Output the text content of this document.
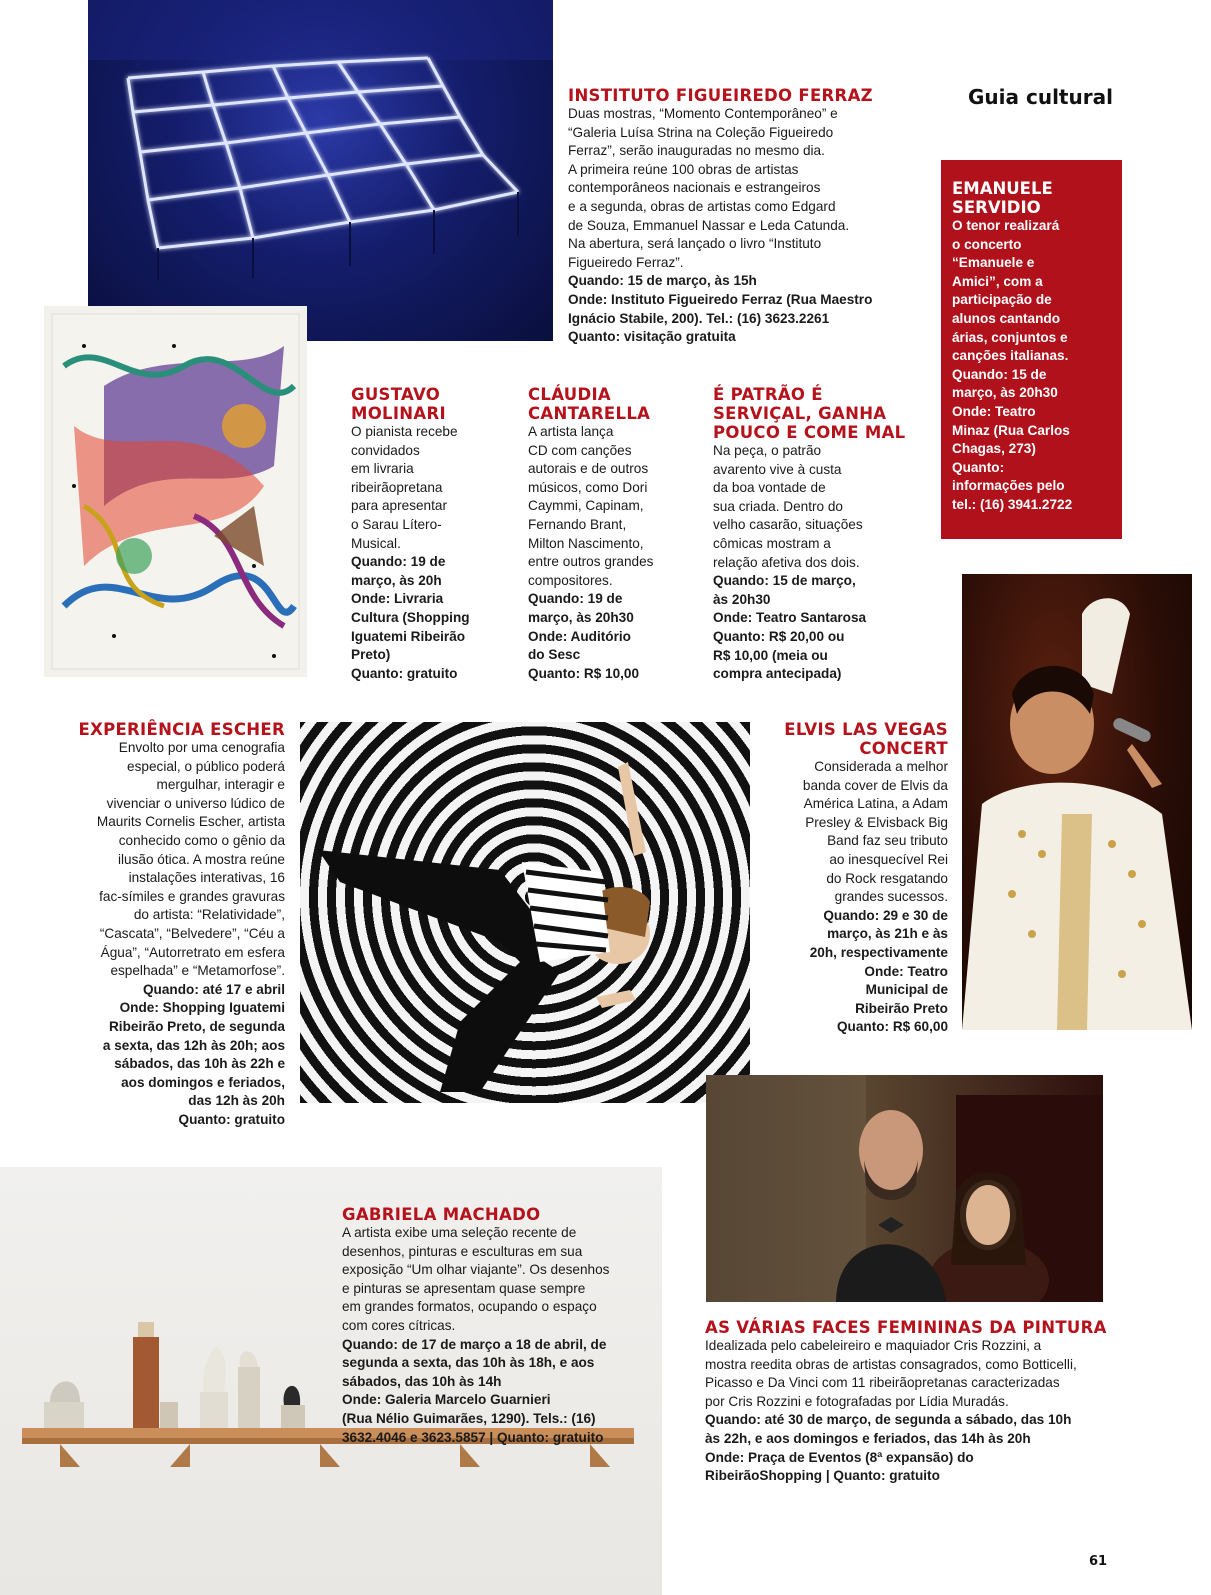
Guia cultural
INSTITUTO FIGUEIREDO FERRAZ

Duas mostras, “Momento Contemporâneo” e

“Galeria Luísa Strina na Coleção Figueiredo

Ferraz”, serão inauguradas no mesmo dia.

A primeira reúne 100 obras de artistas

contemporâneos nacionais e estrangeiros

e a segunda, obras de artistas como Edgard

de Souza, Emmanuel Nassar e Leda Catunda.

Na abertura, será lançado o livro “Instituto

Figueiredo Ferraz”.

Quando: 15 de março, às 15h

Onde: Instituto Figueiredo Ferraz (Rua Maestro

Ignácio Stabile, 200). Tel.: (16) 3623.2261

Quanto: visitação gratuita

EMANUELE
SERVIDIO

O tenor realizará

o concerto

“Emanuele e

Amici”, com a

participação de

alunos cantando

árias, conjuntos e

canções italianas.

Quando: 15 de

março, às 20h30

Onde: Teatro

Minaz (Rua Carlos

Chagas, 273)

Quanto:

informações pelo

tel.: (16) 3941.2722

GUSTAVO
MOLINARI

O pianista recebe

convidados

em livraria

ribeirãopretana

para apresentar

o Sarau Lítero-

Musical.

Quando: 19 de

março, às 20h

Onde: Livraria

Cultura (Shopping

Iguatemi Ribeirão

Preto)

Quanto: gratuito

CLÁUDIA
CANTARELLA

A artista lança

CD com canções

autorais e de outros

músicos, como Dori

Caymmi, Capinam,

Fernando Brant,

Milton Nascimento,

entre outros grandes

compositores.

Quando: 19 de

março, às 20h30

Onde: Auditório

do Sesc

Quanto: R$ 10,00

É PATRÃO É
SERVIÇAL, GANHA
POUCO E COME MAL

Na peça, o patrão

avarento vive à custa

da boa vontade de

sua criada. Dentro do

velho casarão, situações

cômicas mostram a

relação afetiva dos dois.

Quando: 15 de março,

às 20h30

Onde: Teatro Santarosa

Quanto: R$ 20,00 ou

R$ 10,00 (meia ou

compra antecipada)

EXPERIÊNCIA ESCHER

Envolto por uma cenografia

especial, o público poderá

mergulhar, interagir e

vivenciar o universo lúdico de

Maurits Cornelis Escher, artista

conhecido como o gênio da

ilusão ótica. A mostra reúne

instalações interativas, 16

fac-símiles e grandes gravuras

do artista: “Relatividade”,

“Cascata”, “Belvedere”, “Céu a

Água”, “Autorretrato em esfera

espelhada” e “Metamorfose”.

Quando: até 17 e abril

Onde: Shopping Iguatemi

Ribeirão Preto, de segunda

a sexta, das 12h às 20h; aos

sábados, das 10h às 22h e

aos domingos e feriados,

das 12h às 20h

Quanto: gratuito

ELVIS LAS VEGAS
CONCERT

Considerada a melhor

banda cover de Elvis da

América Latina, a Adam

Presley & Elvisback Big

Band faz seu tributo

ao inesquecível Rei

do Rock resgatando

grandes sucessos.

Quando: 29 e 30 de

março, às 21h e às

20h, respectivamente

Onde: Teatro

Municipal de

Ribeirão Preto

Quanto: R$ 60,00

GABRIELA MACHADO

A artista exibe uma seleção recente de

desenhos, pinturas e esculturas em sua

exposição “Um olhar viajante”. Os desenhos

e pinturas se apresentam quase sempre

em grandes formatos, ocupando o espaço

com cores cítricas.

Quando: de 17 de março a 18 de abril, de

segunda a sexta, das 10h às 18h, e aos

sábados, das 10h às 14h

Onde: Galeria Marcelo Guarnieri

(Rua Nélio Guimarães, 1290). Tels.: (16)

3632.4046 e 3623.5857 | Quanto: gratuito

AS VÁRIAS FACES FEMININAS DA PINTURA

Idealizada pelo cabeleireiro e maquiador Cris Rozzini, a

mostra reedita obras de artistas consagrados, como Botticelli,

Picasso e Da Vinci com 11 ribeirãopretanas caracterizadas

por Cris Rozzini e fotografadas por Lídia Muradás.

Quando: até 30 de março, de segunda a sábado, das 10h

às 22h, e aos domingos e feriados, das 14h às 20h

Onde: Praça de Eventos (8ª expansão) do

RibeirãoShopping | Quanto: gratuito

61
